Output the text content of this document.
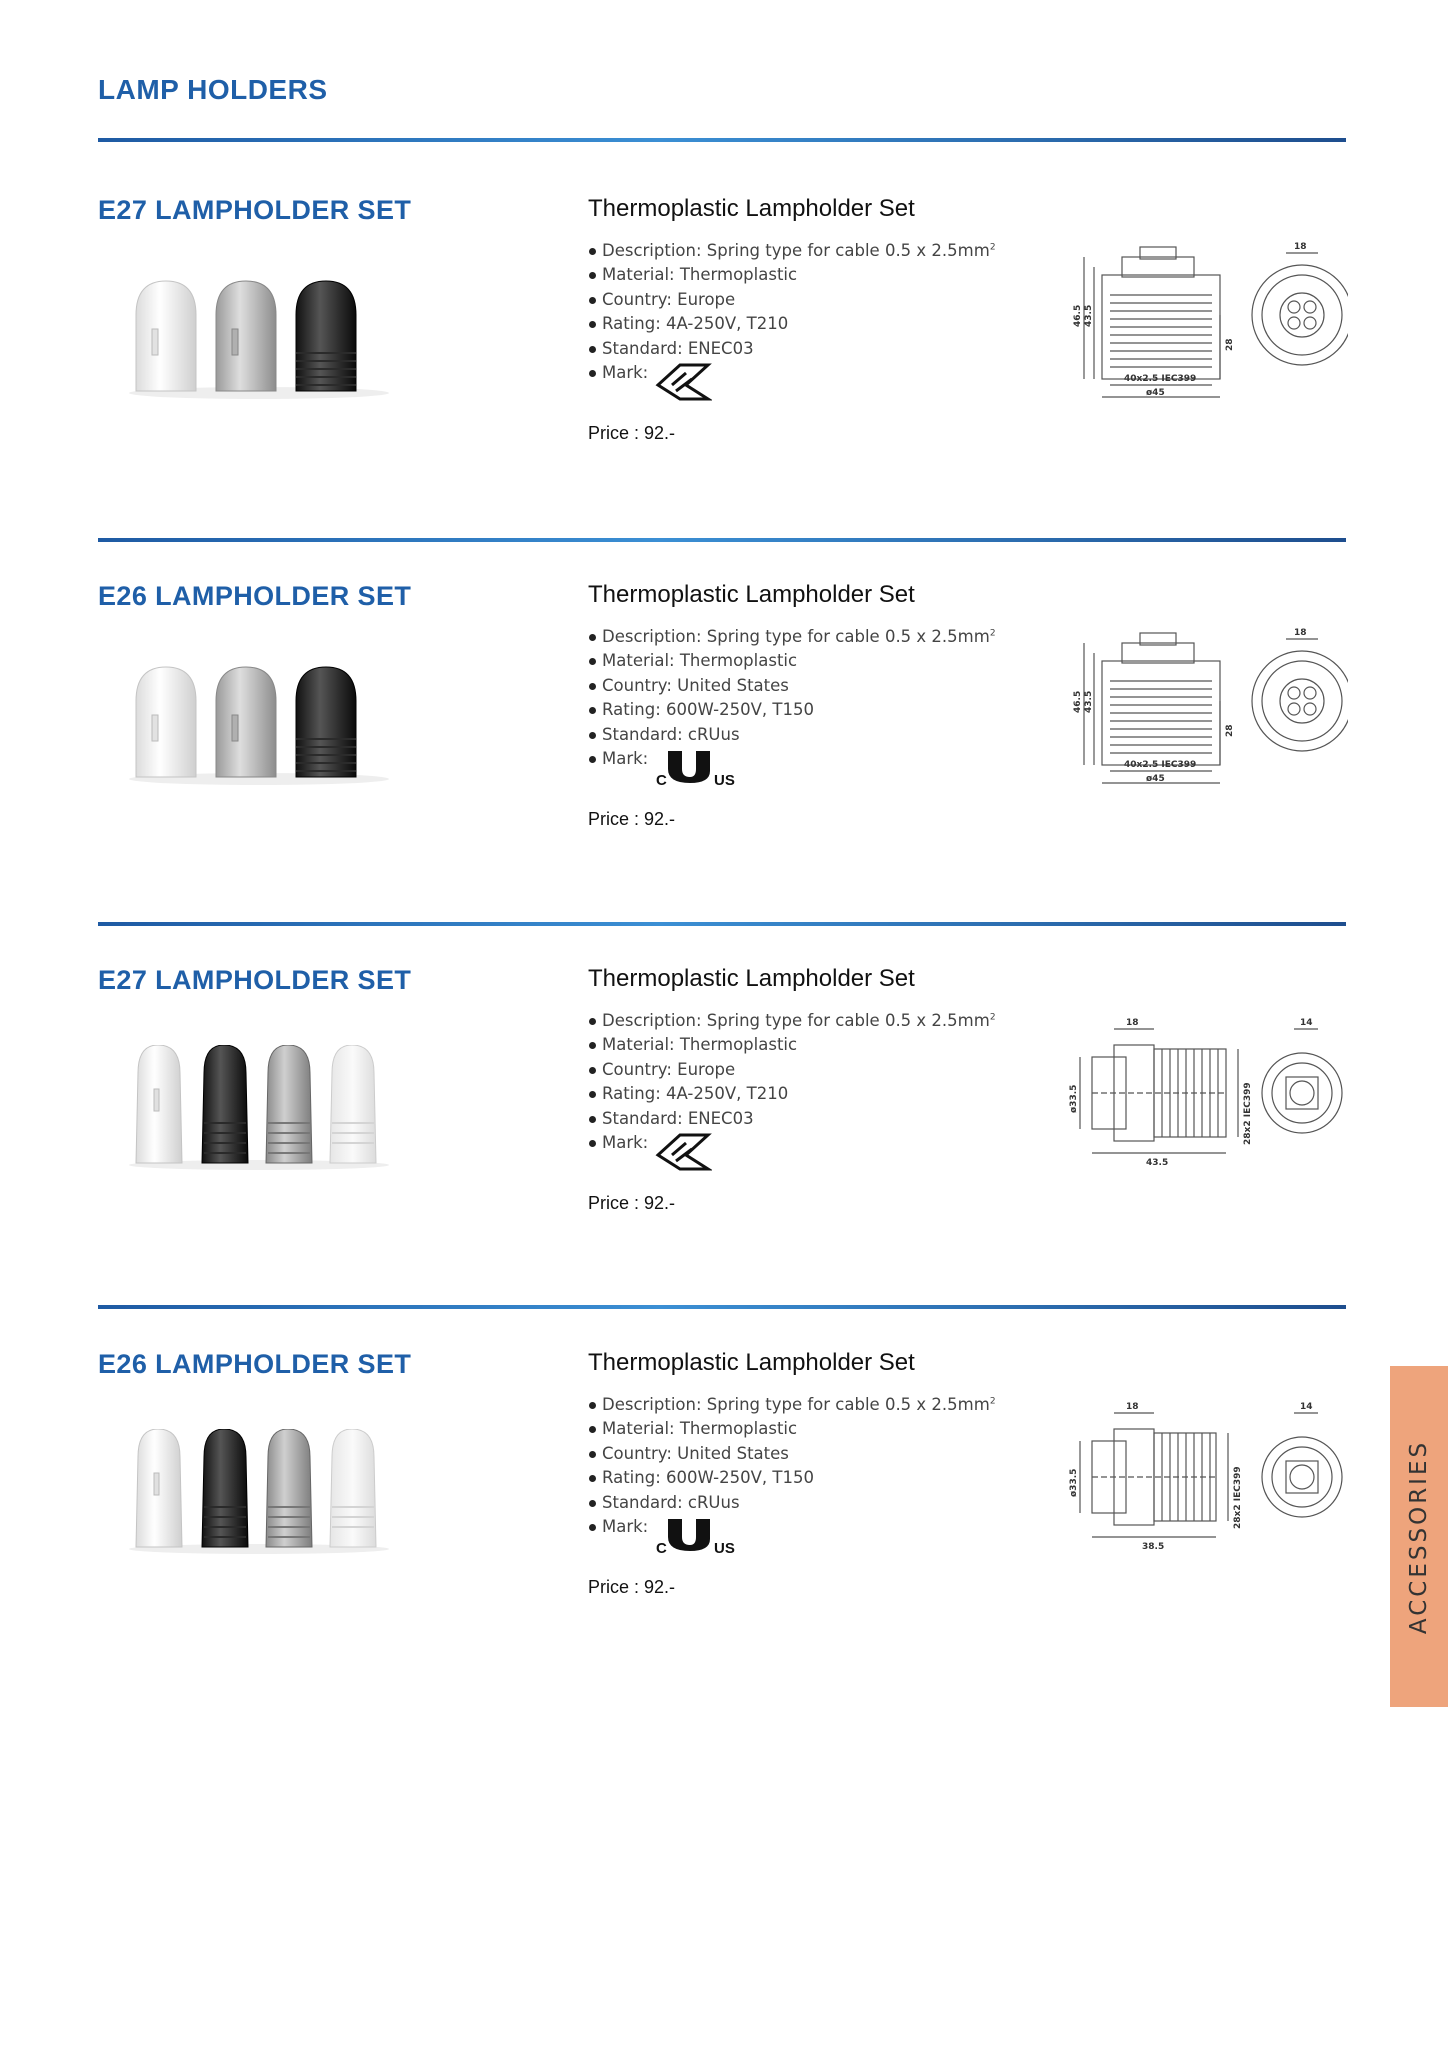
LAMP HOLDERS
E27 LAMPHOLDER SET	Thermoplastic Lampholder Set
Description: Spring type for cable 0.5 x $2.5mm^2$
Material: Thermoplastic
Country: Europe
Rating: 4A-250V, T210
Standard: ENEC03
Mark:
Price : 92.-
46.5 43.5
28
40x2.5 IEC399
ø45
18
E26 LAMPHOLDER SET	Thermoplastic Lampholder Set
Description: Spring type for cable 0.5 x $2.5mm^2$
Material: Thermoplastic
Country: United States
Rating: 600W-250V, T150
Standard: cRUus
Mark:
C	US
Price : 92.-
46.5 43.5
28
40x2.5 IEC399
ø45
18
E27 LAMPHOLDER SET	Thermoplastic Lampholder Set
Description: Spring type for cable 0.5 x $2.5mm^2$
Material: Thermoplastic
Country: Europe
Rating: 4A-250V, T210
Standard: ENEC03
Mark:
Price : 92.-
18	14
ø33.5	28x2 IEC399
43.5
E26 LAMPHOLDER SET	Thermoplastic Lampholder Set
Description: Spring type for cable 0.5 x $2.5mm^2$
Material: Thermoplastic
Country: United States
Rating: 600W-250V, T150
Standard: cRUus
Mark:
C	US
Price : 92.-
18	14
ø33.5	28x2 IEC399
38.5	ACCESSORIES
